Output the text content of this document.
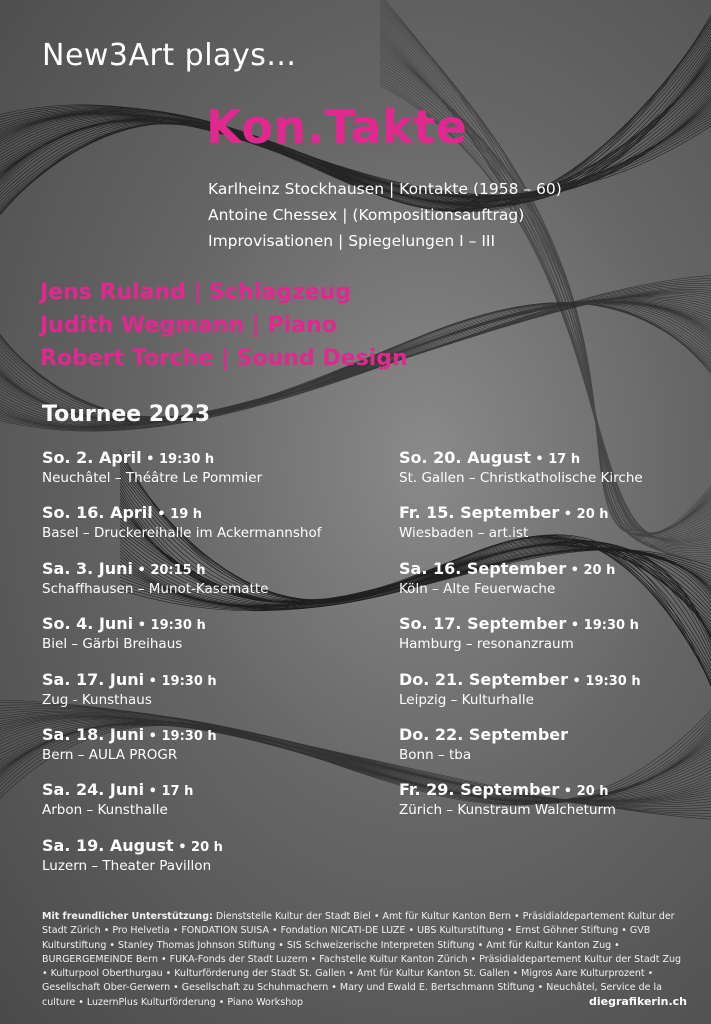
New3Art plays...
Kon.Takte
Karlheinz Stockhausen | Kontakte (1958 – 60)
Antoine Chessex | (Kompositionsauftrag)
Improvisationen | Spiegelungen I – III
Jens Ruland | Schlagzeug
Judith Wegmann | Piano
Robert Torche | Sound Design
Tournee 2023
So. 2. April • 19:30 h
Neuchâtel – Théâtre Le Pommier
So. 16. April • 19 h
Basel – Druckereihalle im Ackermannshof
Sa. 3. Juni • 20:15 h
Schaffhausen – Munot-Kasematte
So. 4. Juni • 19:30 h
Biel – Gärbi Breihaus
Sa. 17. Juni • 19:30 h
Zug - Kunsthaus
Sa. 18. Juni • 19:30 h
Bern – AULA PROGR
Sa. 24. Juni • 17 h
Arbon – Kunsthalle
Sa. 19. August • 20 h
Luzern – Theater Pavillon
So. 20. August • 17 h
St. Gallen – Christkatholische Kirche
Fr. 15. September • 20 h
Wiesbaden – art.ist
Sa. 16. September • 20 h
Köln – Alte Feuerwache
So. 17. September • 19:30 h
Hamburg – resonanzraum
Do. 21. September • 19:30 h
Leipzig – Kulturhalle
Do. 22. September
Bonn – tba
Fr. 29. September • 20 h
Zürich – Kunstraum Walcheturm
Mit freundlicher Unterstützung: Dienststelle Kultur der Stadt Biel • Amt für Kultur Kanton Bern • Präsidialdepartement Kultur der Stadt Zürich • Pro Helvetia • FONDATION SUISA • Fondation NICATI-DE LUZE • UBS Kulturstiftung • Ernst Göhner Stiftung • GVB Kulturstiftung • Stanley Thomas Johnson Stiftung • SIS Schweizerische Interpreten Stiftung • Amt für Kultur Kanton Zug • BURGERGEMEINDE Bern • FUKA-Fonds der Stadt Luzern • Fachstelle Kultur Kanton Zürich • Präsidialdepartement Kultur der Stadt Zug • Kulturpool Oberthurgau • Kulturförderung der Stadt St. Gallen • Amt für Kultur Kanton St. Gallen • Migros Aare Kulturprozent • Gesellschaft Ober-Gerwern • Gesellschaft zu Schuhmachern • Mary und Ewald E. Bertschmann Stiftung • Neuchâtel, Service de la culture • LuzernPlus Kulturförderung • Piano Workshop	diegrafikerin.ch
